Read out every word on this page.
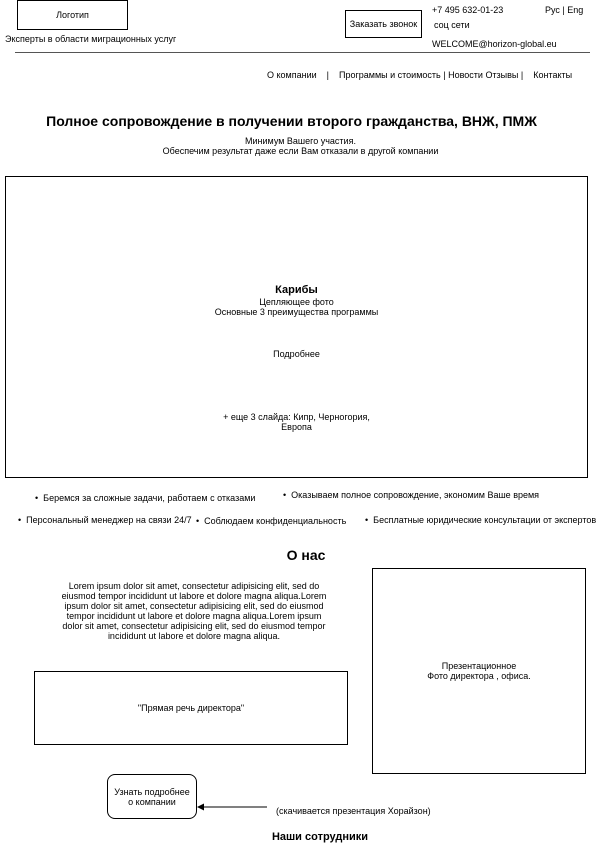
Логотип
Эксперты в области миграционных услуг
Заказать звонок
+7 495 632-01-23
соц сети
WELCOME@horizon-global.eu
Рус | Eng
О компании | Программы и стоимость | Новости Отзывы | Контакты
Полное сопровождение в получении второго гражданства, ВНЖ, ПМЖ
Минимум Вашего участия.
Обеспечим результат даже если Вам отказали в другой компании
Карибы
Цепляющее фото
Основные 3 преимущества программы
Подробнее
+ еще 3 слайда: Кипр, Черногория,
Европа
•  Беремся за сложные задачи, работаем с отказами	•  Оказываем полное сопровождение, экономим Ваше время
•  Персональный менеджер на связи 24/7 •  Соблюдаем конфиденциальность •  Бесплатные юридические консультации от экспертов
О нас
Lorem ipsum dolor sit amet, consectetur adipisicing elit, sed do eiusmod tempor incididunt ut labore et dolore magna aliqua.Lorem ipsum dolor sit amet, consectetur adipisicing elit, sed do eiusmod tempor incididunt ut labore et dolore magna aliqua.Lorem ipsum dolor sit amet, consectetur adipisicing elit, sed do eiusmod tempor incididunt ut labore et dolore magna aliqua.
Презентационное
Фото директора , офиса.
"Прямая речь директора"
Узнать подробнее о компании
(скачивается презентация Хорайзон)
Наши сотрудники
